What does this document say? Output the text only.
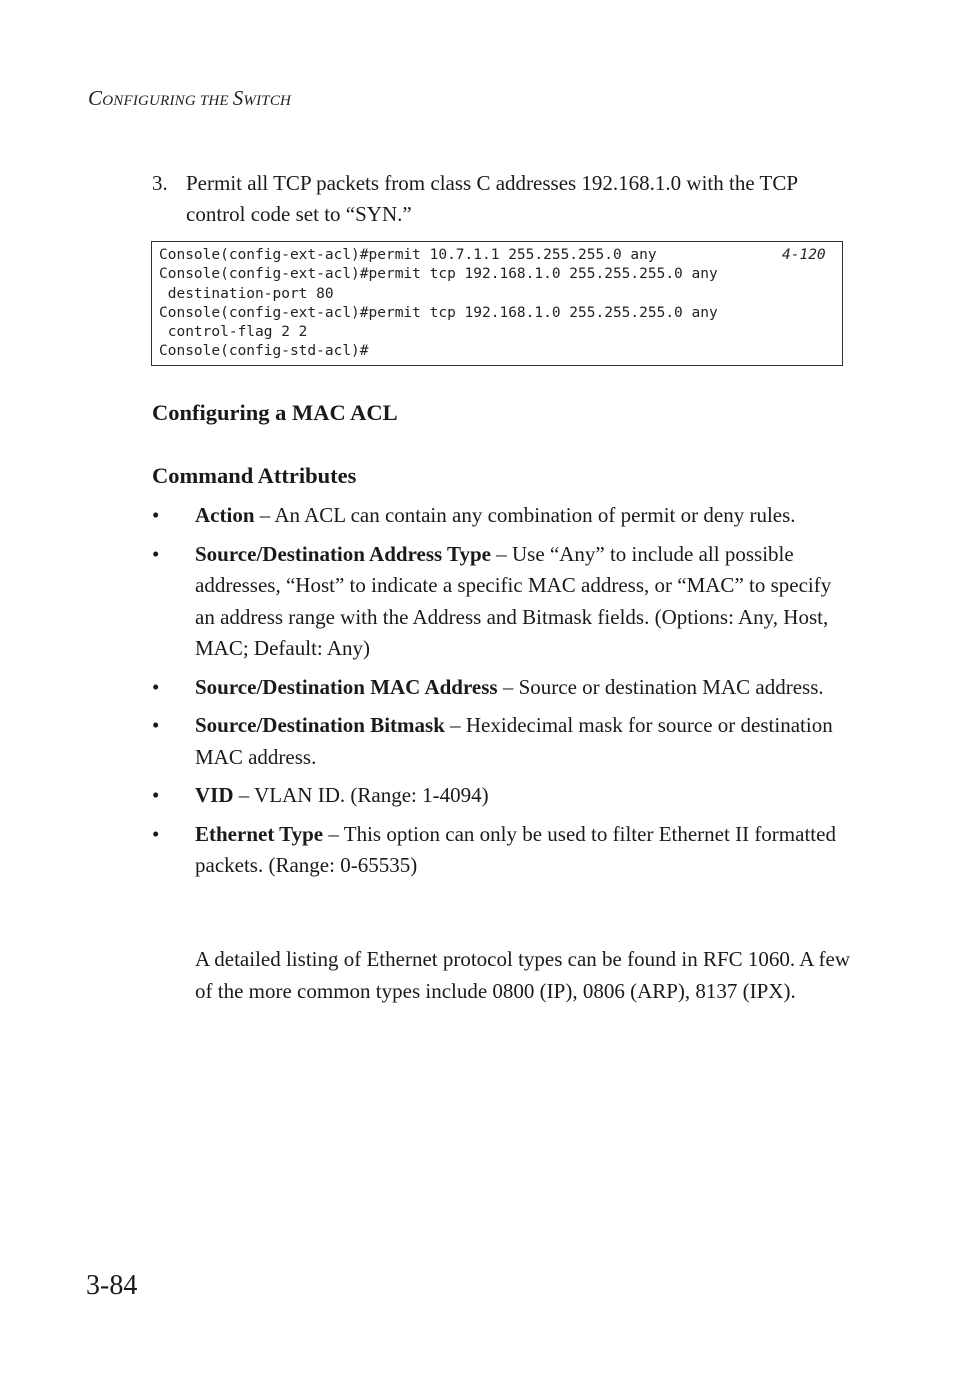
CONFIGURING THE SWITCH
3. Permit all TCP packets from class C addresses 192.168.1.0 with the TCP control code set to “SYN.”
Console(config-ext-acl)#permit 10.7.1.1 255.255.255.0 any	4-120
Console(config-ext-acl)#permit tcp 192.168.1.0 255.255.255.0 any
destination-port 80
Console(config-ext-acl)#permit tcp 192.168.1.0 255.255.255.0 any
control-flag 2 2
Console(config-std-acl)#
Configuring a MAC ACL
Command Attributes
• Action – An ACL can contain any combination of permit or deny rules.
• Source/Destination Address Type – Use “Any” to include all possible addresses, “Host” to indicate a specific MAC address, or “MAC” to specify an address range with the Address and Bitmask fields. (Options: Any, Host, MAC; Default: Any)
• Source/Destination MAC Address – Source or destination MAC address.
• Source/Destination Bitmask – Hexidecimal mask for source or destination MAC address.
• VID – VLAN ID. (Range: 1-4094)
• Ethernet Type – This option can only be used to filter Ethernet II formatted packets. (Range: 0-65535)
A detailed listing of Ethernet protocol types can be found in RFC 1060. A few of the more common types include 0800 (IP), 0806 (ARP), 8137 (IPX).
3-84
